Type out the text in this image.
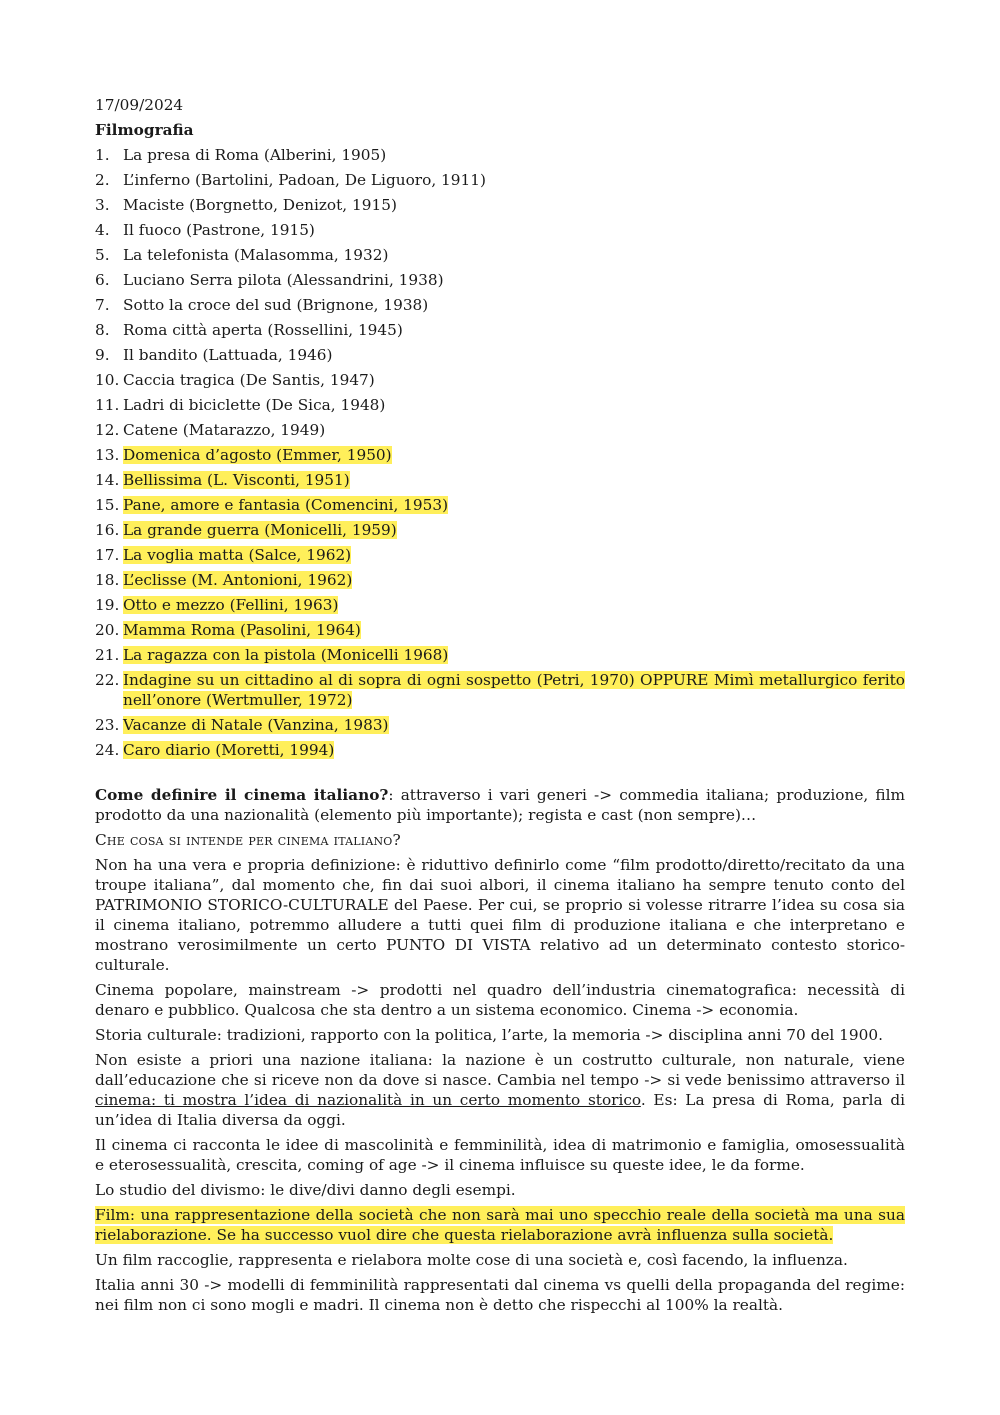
17/09/2024
Filmografia
1. La presa di Roma (Alberini, 1905)
2. L’inferno (Bartolini, Padoan, De Liguoro, 1911)
3. Maciste (Borgnetto, Denizot, 1915)
4. Il fuoco (Pastrone, 1915)
5. La telefonista (Malasomma, 1932)
6. Luciano Serra pilota (Alessandrini, 1938)
7. Sotto la croce del sud (Brignone, 1938)
8. Roma città aperta (Rossellini, 1945)
9. Il bandito (Lattuada, 1946)
10. Caccia tragica (De Santis, 1947)
11. Ladri di biciclette (De Sica, 1948)
12. Catene (Matarazzo, 1949)
13. Domenica d’agosto (Emmer, 1950)
14. Bellissima (L. Visconti, 1951)
15. Pane, amore e fantasia (Comencini, 1953)
16. La grande guerra (Monicelli, 1959)
17. La voglia matta (Salce, 1962)
18. L’eclisse (M. Antonioni, 1962)
19. Otto e mezzo (Fellini, 1963)
20. Mamma Roma (Pasolini, 1964)
21. La ragazza con la pistola (Monicelli 1968)
22. Indagine su un cittadino al di sopra di ogni sospetto (Petri, 1970) OPPURE Mimì metallurgico ferito nell’onore (Wertmuller, 1972)
23. Vacanze di Natale (Vanzina, 1983)
24. Caro diario (Moretti, 1994)

Come definire il cinema italiano?: attraverso i vari generi -> commedia italiana; produzione, film prodotto da una nazionalità (elemento più importante); regista e cast (non sempre)…

Che cosa si intende per cinema italiano?

Non ha una vera e propria definizione: è riduttivo definirlo come “film prodotto/diretto/recitato da una troupe italiana”, dal momento che, fin dai suoi albori, il cinema italiano ha sempre tenuto conto del PATRIMONIO STORICO-CULTURALE del Paese. Per cui, se proprio si volesse ritrarre l’idea su cosa sia il cinema italiano, potremmo alludere a tutti quei film di produzione italiana e che interpretano e mostrano verosimilmente un certo PUNTO DI VISTA relativo ad un determinato contesto storico-culturale.

Cinema popolare, mainstream -> prodotti nel quadro dell’industria cinematografica: necessità di denaro e pubblico. Qualcosa che sta dentro a un sistema economico. Cinema -> economia.

Storia culturale: tradizioni, rapporto con la politica, l’arte, la memoria -> disciplina anni 70 del 1900.

Non esiste a priori una nazione italiana: la nazione è un costrutto culturale, non naturale, viene dall’educazione che si riceve non da dove si nasce. Cambia nel tempo -> si vede benissimo attraverso il cinema: ti mostra l’idea di nazionalità in un certo momento storico. Es: La presa di Roma, parla di un’idea di Italia diversa da oggi.

Il cinema ci racconta le idee di mascolinità e femminilità, idea di matrimonio e famiglia, omosessualità e eterosessualità, crescita, coming of age -> il cinema influisce su queste idee, le da forme.

Lo studio del divismo: le dive/divi danno degli esempi.

Film: una rappresentazione della società che non sarà mai uno specchio reale della società ma una sua rielaborazione. Se ha successo vuol dire che questa rielaborazione avrà influenza sulla società.

Un film raccoglie, rappresenta e rielabora molte cose di una società e, così facendo, la influenza.

Italia anni 30 -> modelli di femminilità rappresentati dal cinema vs quelli della propaganda del regime: nei film non ci sono mogli e madri. Il cinema non è detto che rispecchi al 100% la realtà.
